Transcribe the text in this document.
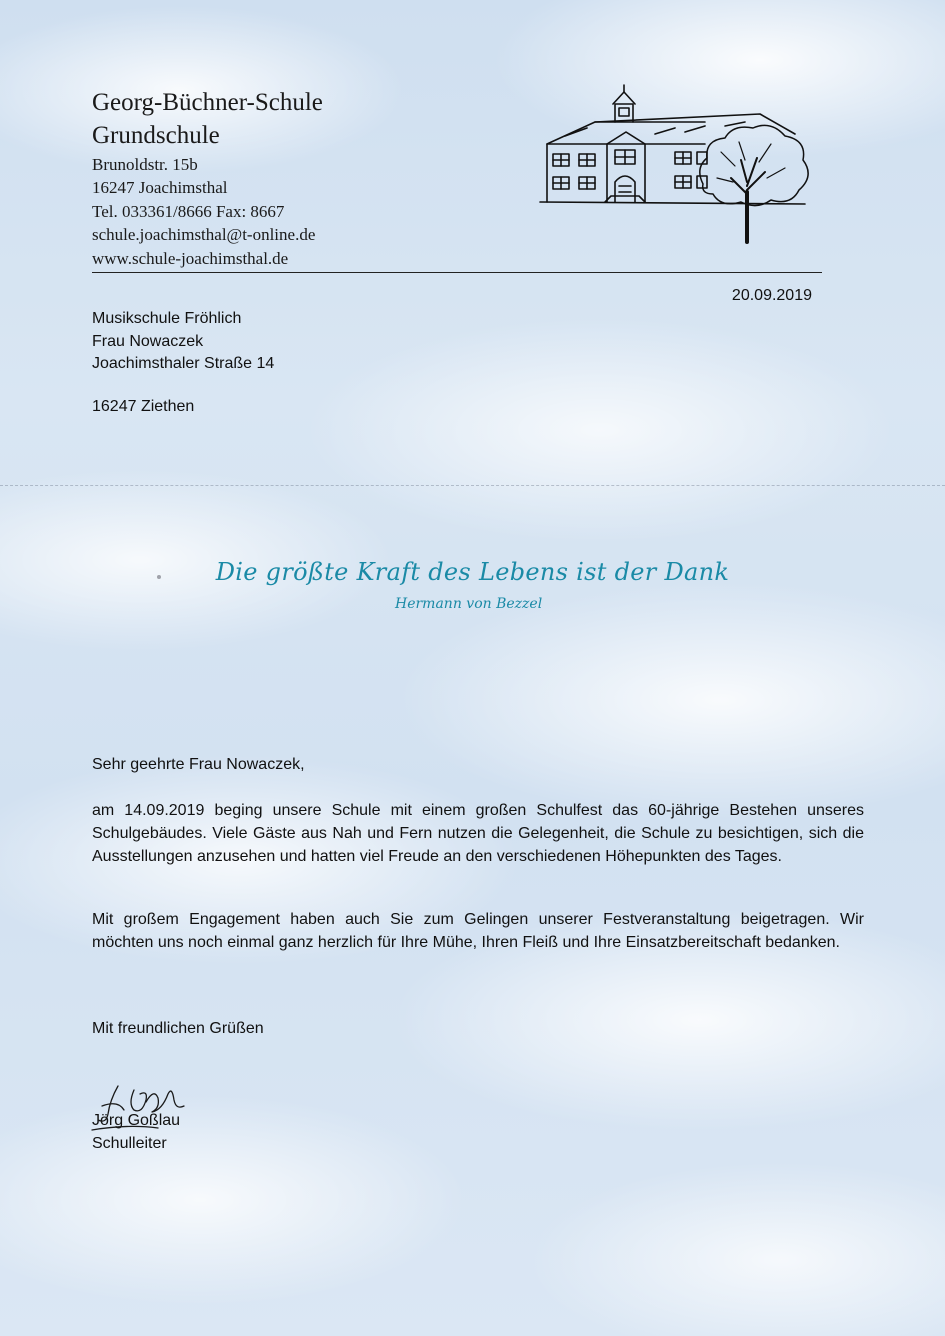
Georg-Büchner-Schule
Grundschule
Brunoldstr. 15b
16247 Joachimsthal
Tel. 033361/8666 Fax: 8667
schule.joachimsthal@t-online.de
www.schule-joachimsthal.de
20.09.2019
Musikschule Fröhlich
Frau Nowaczek
Joachimsthaler Straße 14
16247 Ziethen
Die größte Kraft des Lebens ist der Dank
Hermann von Bezzel
Sehr geehrte Frau Nowaczek,

am 14.09.2019 beging unsere Schule mit einem großen Schulfest das 60-jährige Bestehen unseres Schulgebäudes. Viele Gäste aus Nah und Fern nutzen die Gelegenheit, die Schule zu besichtigen, sich die Ausstellungen anzusehen und hatten viel Freude an den verschiedenen Höhepunkten des Tages.

Mit großem Engagement haben auch Sie zum Gelingen unserer Festveranstaltung beigetragen. Wir möchten uns noch einmal ganz herzlich für Ihre Mühe, Ihren Fleiß und Ihre Einsatzbereitschaft bedanken.

Mit freundlichen Grüßen
Jörg Goßlau
Schulleiter
